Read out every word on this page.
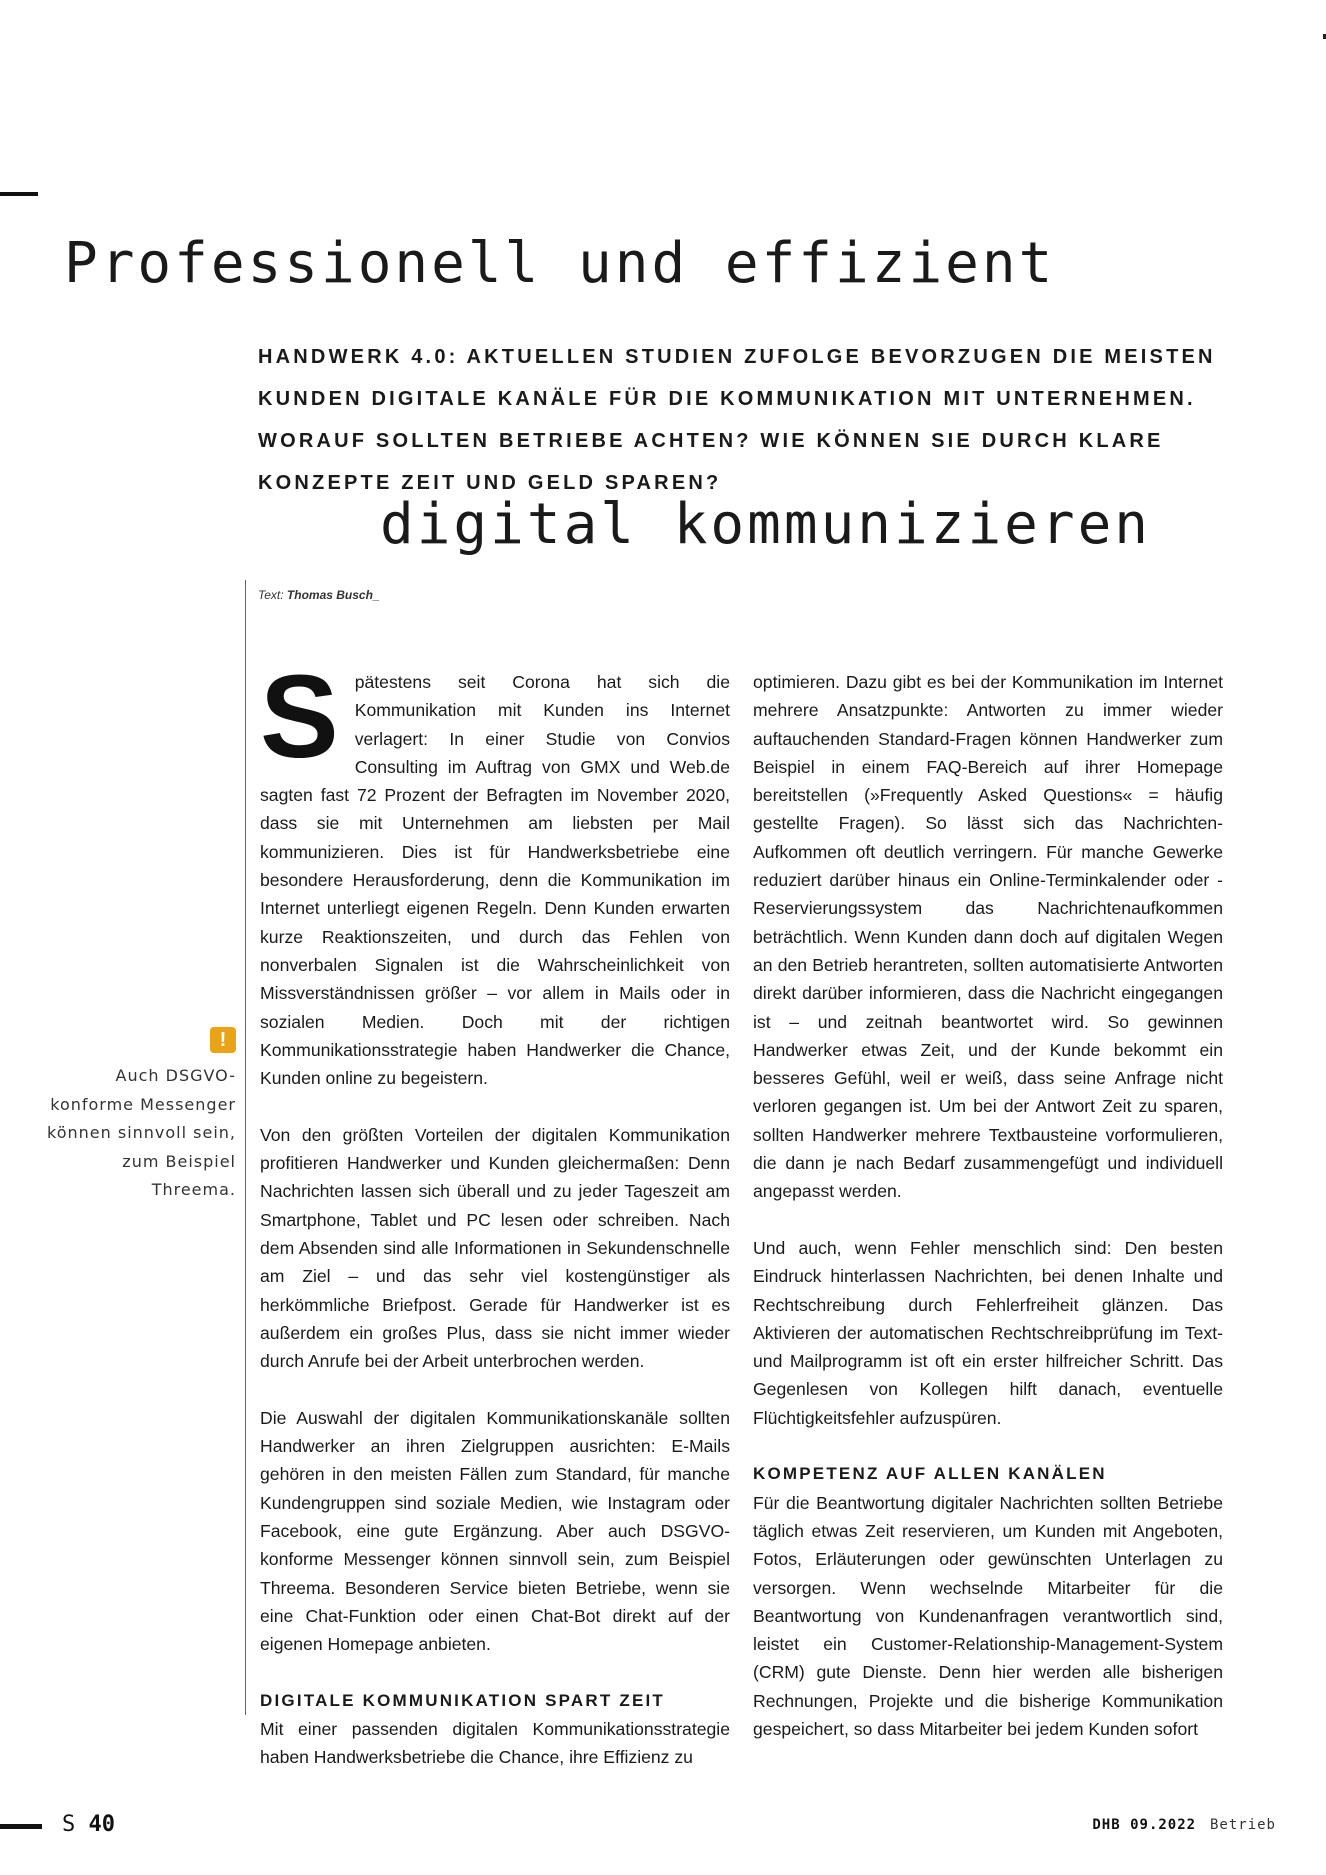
Professionell und effizient
HANDWERK 4.0: AKTUELLEN STUDIEN ZUFOLGE BEVORZUGEN DIE MEISTEN KUNDEN DIGITALE KANÄLE FÜR DIE KOMMUNIKATION MIT UNTERNEHMEN. WORAUF SOLLTEN BETRIEBE ACHTEN? WIE KÖNNEN SIE DURCH KLARE KONZEPTE ZEIT UND GELD SPAREN?
digital kommunizieren
Text: Thomas Busch_
!
Auch DSGVO-konforme Messenger können sinnvoll sein, zum Beispiel Threema.

Spätestens seit Corona hat sich die Kommunikation mit Kunden ins Internet verlagert: In einer Studie von Convios Consulting im Auftrag von GMX und Web.de sagten fast 72 Prozent der Befragten im November 2020, dass sie mit Unternehmen am liebsten per Mail kommunizieren. Dies ist für Handwerksbetriebe eine besondere Herausforderung, denn die Kommunikation im Internet unterliegt eigenen Regeln. Denn Kunden erwarten kurze Reaktionszeiten, und durch das Fehlen von nonverbalen Signalen ist die Wahrscheinlichkeit von Missverständnissen größer – vor allem in Mails oder in sozialen Medien. Doch mit der richtigen Kommunikationsstrategie haben Handwerker die Chance, Kunden online zu begeistern.

Von den größten Vorteilen der digitalen Kommunikation profitieren Handwerker und Kunden gleichermaßen: Denn Nachrichten lassen sich überall und zu jeder Tageszeit am Smartphone, Tablet und PC lesen oder schreiben. Nach dem Absenden sind alle Informationen in Sekundenschnelle am Ziel – und das sehr viel kostengünstiger als herkömmliche Briefpost. Gerade für Handwerker ist es außerdem ein großes Plus, dass sie nicht immer wieder durch Anrufe bei der Arbeit unterbrochen werden.

Die Auswahl der digitalen Kommunikationskanäle sollten Handwerker an ihren Zielgruppen ausrichten: E-Mails gehören in den meisten Fällen zum Standard, für manche Kundengruppen sind soziale Medien, wie Instagram oder Facebook, eine gute Ergänzung. Aber auch DSGVO-konforme Messenger können sinnvoll sein, zum Beispiel Threema. Besonderen Service bieten Betriebe, wenn sie eine Chat-Funktion oder einen Chat-Bot direkt auf der eigenen Homepage anbieten.

DIGITALE KOMMUNIKATION SPART ZEIT

Mit einer passenden digitalen Kommunikationsstrategie haben Handwerksbetriebe die Chance, ihre Effizienz zu

optimieren. Dazu gibt es bei der Kommunikation im Internet mehrere Ansatzpunkte: Antworten zu immer wieder auftauchenden Standard-Fragen können Handwerker zum Beispiel in einem FAQ-Bereich auf ihrer Homepage bereitstellen (»Frequently Asked Questions« = häufig gestellte Fragen). So lässt sich das Nachrichten-Aufkommen oft deutlich verringern. Für manche Gewerke reduziert darüber hinaus ein Online-Terminkalender oder -Reservierungssystem das Nachrichtenaufkommen beträchtlich. Wenn Kunden dann doch auf digitalen Wegen an den Betrieb herantreten, sollten automatisierte Antworten direkt darüber informieren, dass die Nachricht eingegangen ist – und zeitnah beantwortet wird. So gewinnen Handwerker etwas Zeit, und der Kunde bekommt ein besseres Gefühl, weil er weiß, dass seine Anfrage nicht verloren gegangen ist. Um bei der Antwort Zeit zu sparen, sollten Handwerker mehrere Textbausteine vorformulieren, die dann je nach Bedarf zusammengefügt und individuell angepasst werden.

Und auch, wenn Fehler menschlich sind: Den besten Eindruck hinterlassen Nachrichten, bei denen Inhalte und Rechtschreibung durch Fehlerfreiheit glänzen. Das Aktivieren der automatischen Rechtschreibprüfung im Text- und Mailprogramm ist oft ein erster hilfreicher Schritt. Das Gegenlesen von Kollegen hilft danach, eventuelle Flüchtigkeitsfehler aufzuspüren.

KOMPETENZ AUF ALLEN KANÄLEN

Für die Beantwortung digitaler Nachrichten sollten Betriebe täglich etwas Zeit reservieren, um Kunden mit Angeboten, Fotos, Erläuterungen oder gewünschten Unterlagen zu versorgen. Wenn wechselnde Mitarbeiter für die Beantwortung von Kundenanfragen verantwortlich sind, leistet ein Customer-Relationship-Management-System (CRM) gute Dienste. Denn hier werden alle bisherigen Rechnungen, Projekte und die bisherige Kommunikation gespeichert, so dass Mitarbeiter bei jedem Kunden sofort

S 40	DHB 09.2022 Betrieb
